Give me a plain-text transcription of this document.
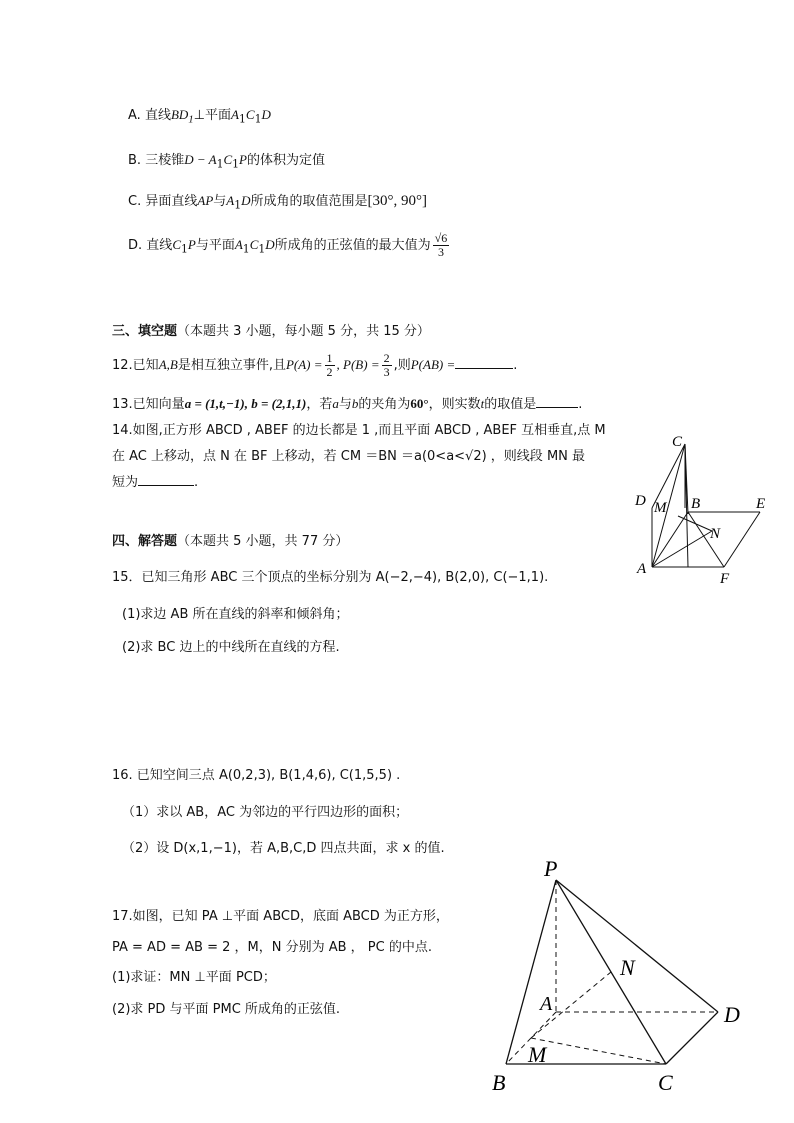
A. 直线$BD_1\perp$平面$A_1C_1D$
B. 三棱锥$D - A_1C_1P$的体积为定值
C. 异面直线AP与$A_1D$所成角的取值范围是[30°, 90°]
D. 直线$C_1P$与平面$A_1C_1D$所成角的正弦值的最大值为 $\frac{√6}{3}$
三、填空题（本题共 3 小题，每小题 5 分，共 15 分）
12.已知A,B是相互独立事件,且$P(A) = \frac{1}{2}$ , $P(B) = \frac{2}{3}$ ,则P(AB) =	.
13.已知向量a = (1,t,−1), b = (2,1,1)，若a与b的夹角为60°，则实数t的取值是	.
14.如图,正方形 ABCD , ABEF 的边长都是 1 ,而且平面 ABCD , ABEF 互相垂直,点 M
在 AC 上移动，点 N 在 BF 上移动，若 CM ＝BN ＝a(0<a<√2) ，则线段 MN 最
短为	.
C
D M B	E
N
A
F
四、解答题（本题共 5 小题，共 77 分）
15．已知三角形 ABC 三个顶点的坐标分别为 A(−2,−4), B(2,0), C(−1,1).
(1)求边 AB 所在直线的斜率和倾斜角；
(2)求 BC 边上的中线所在直线的方程.
16. 已知空间三点 A(0,2,3), B(1,4,6), C(1,5,5) .
（1）求以 AB，AC 为邻边的平行四边形的面积；
（2）设 D(x,1,−1)，若 A,B,C,D 四点共面，求 x 的值.
17.如图，已知 PA ⊥平面 ABCD，底面 ABCD 为正方形，
PA = AD = AB = 2 ，M，N 分别为 AB ， PC 的中点.
(1)求证：MN ⊥平面 PCD；
(2)求 PD 与平面 PMC 所成角的正弦值.
P
N
A	D
M
B	C
